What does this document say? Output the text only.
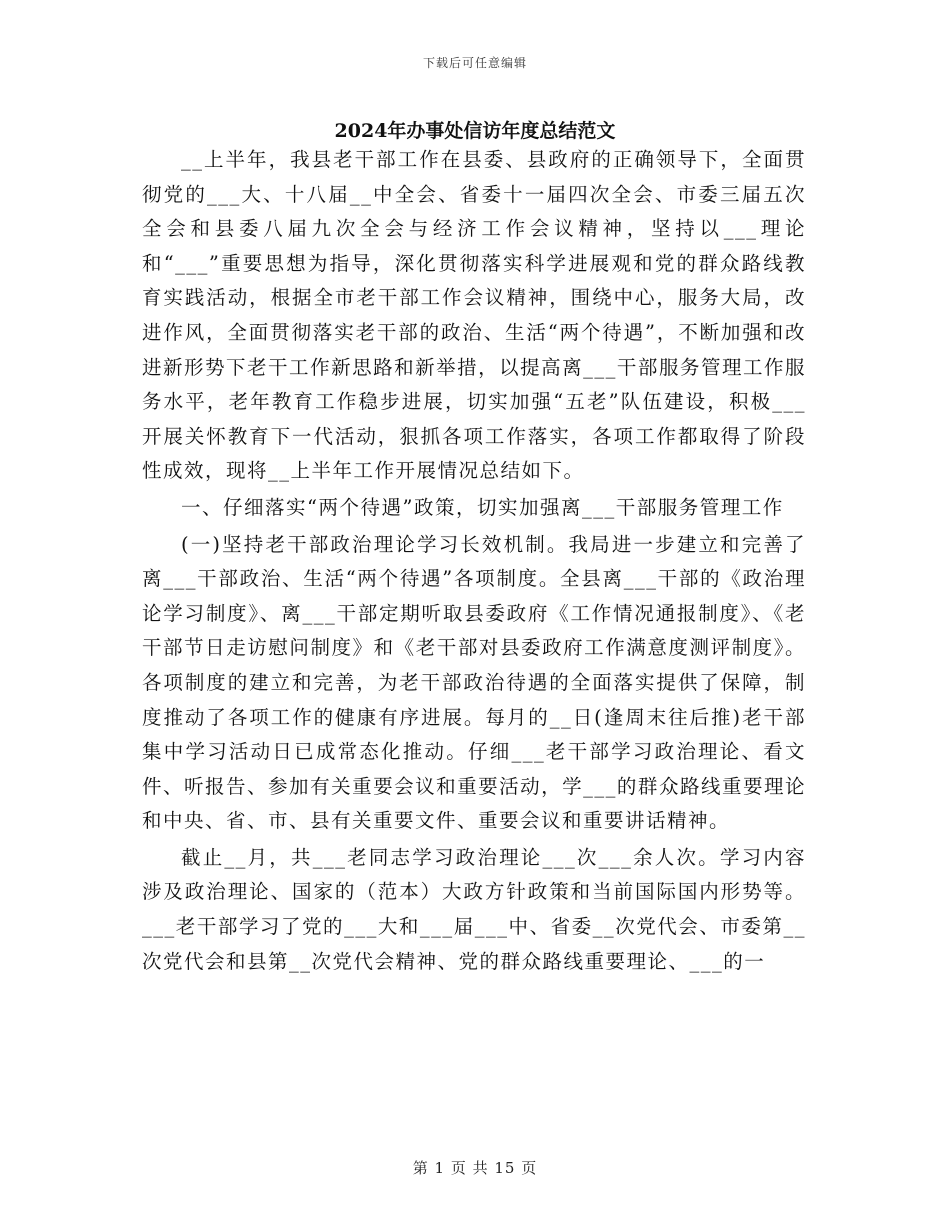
下载后可任意编辑
2024年办事处信访年度总结范文

__上半年，我县老干部工作在县委、县政府的正确领导下，全面贯彻党的___大、十八届__中全会、省委十一届四次全会、市委三届五次全会和县委八届九次全会与经济工作会议精神，坚持以___理论和“___”重要思想为指导，深化贯彻落实科学进展观和党的群众路线教育实践活动，根据全市老干部工作会议精神，围绕中心，服务大局，改进作风，全面贯彻落实老干部的政治、生活“两个待遇”，不断加强和改进新形势下老干工作新思路和新举措，以提高离___干部服务管理工作服务水平，老年教育工作稳步进展，切实加强“五老”队伍建设，积极___开展关怀教育下一代活动，狠抓各项工作落实，各项工作都取得了阶段性成效，现将__上半年工作开展情况总结如下。

一、仔细落实“两个待遇”政策，切实加强离___干部服务管理工作

(一)坚持老干部政治理论学习长效机制。我局进一步建立和完善了离___干部政治、生活“两个待遇”各项制度。全县离___干部的《政治理论学习制度》、离___干部定期听取县委政府《工作情况通报制度》、《老干部节日走访慰问制度》和《老干部对县委政府工作满意度测评制度》。各项制度的建立和完善，为老干部政治待遇的全面落实提供了保障，制度推动了各项工作的健康有序进展。每月的__日(逢周末往后推)老干部集中学习活动日已成常态化推动。仔细___老干部学习政治理论、看文件、听报告、参加有关重要会议和重要活动，学___的群众路线重要理论和中央、省、市、县有关重要文件、重要会议和重要讲话精神。

截止__月，共___老同志学习政治理论___次___余人次。学习内容涉及政治理论、国家的（范本）大政方针政策和当前国际国内形势等。___老干部学习了党的___大和___届___中、省委__次党代会、市委第__次党代会和县第__次党代会精神、党的群众路线重要理论、___的一

第 1 页 共 15 页
